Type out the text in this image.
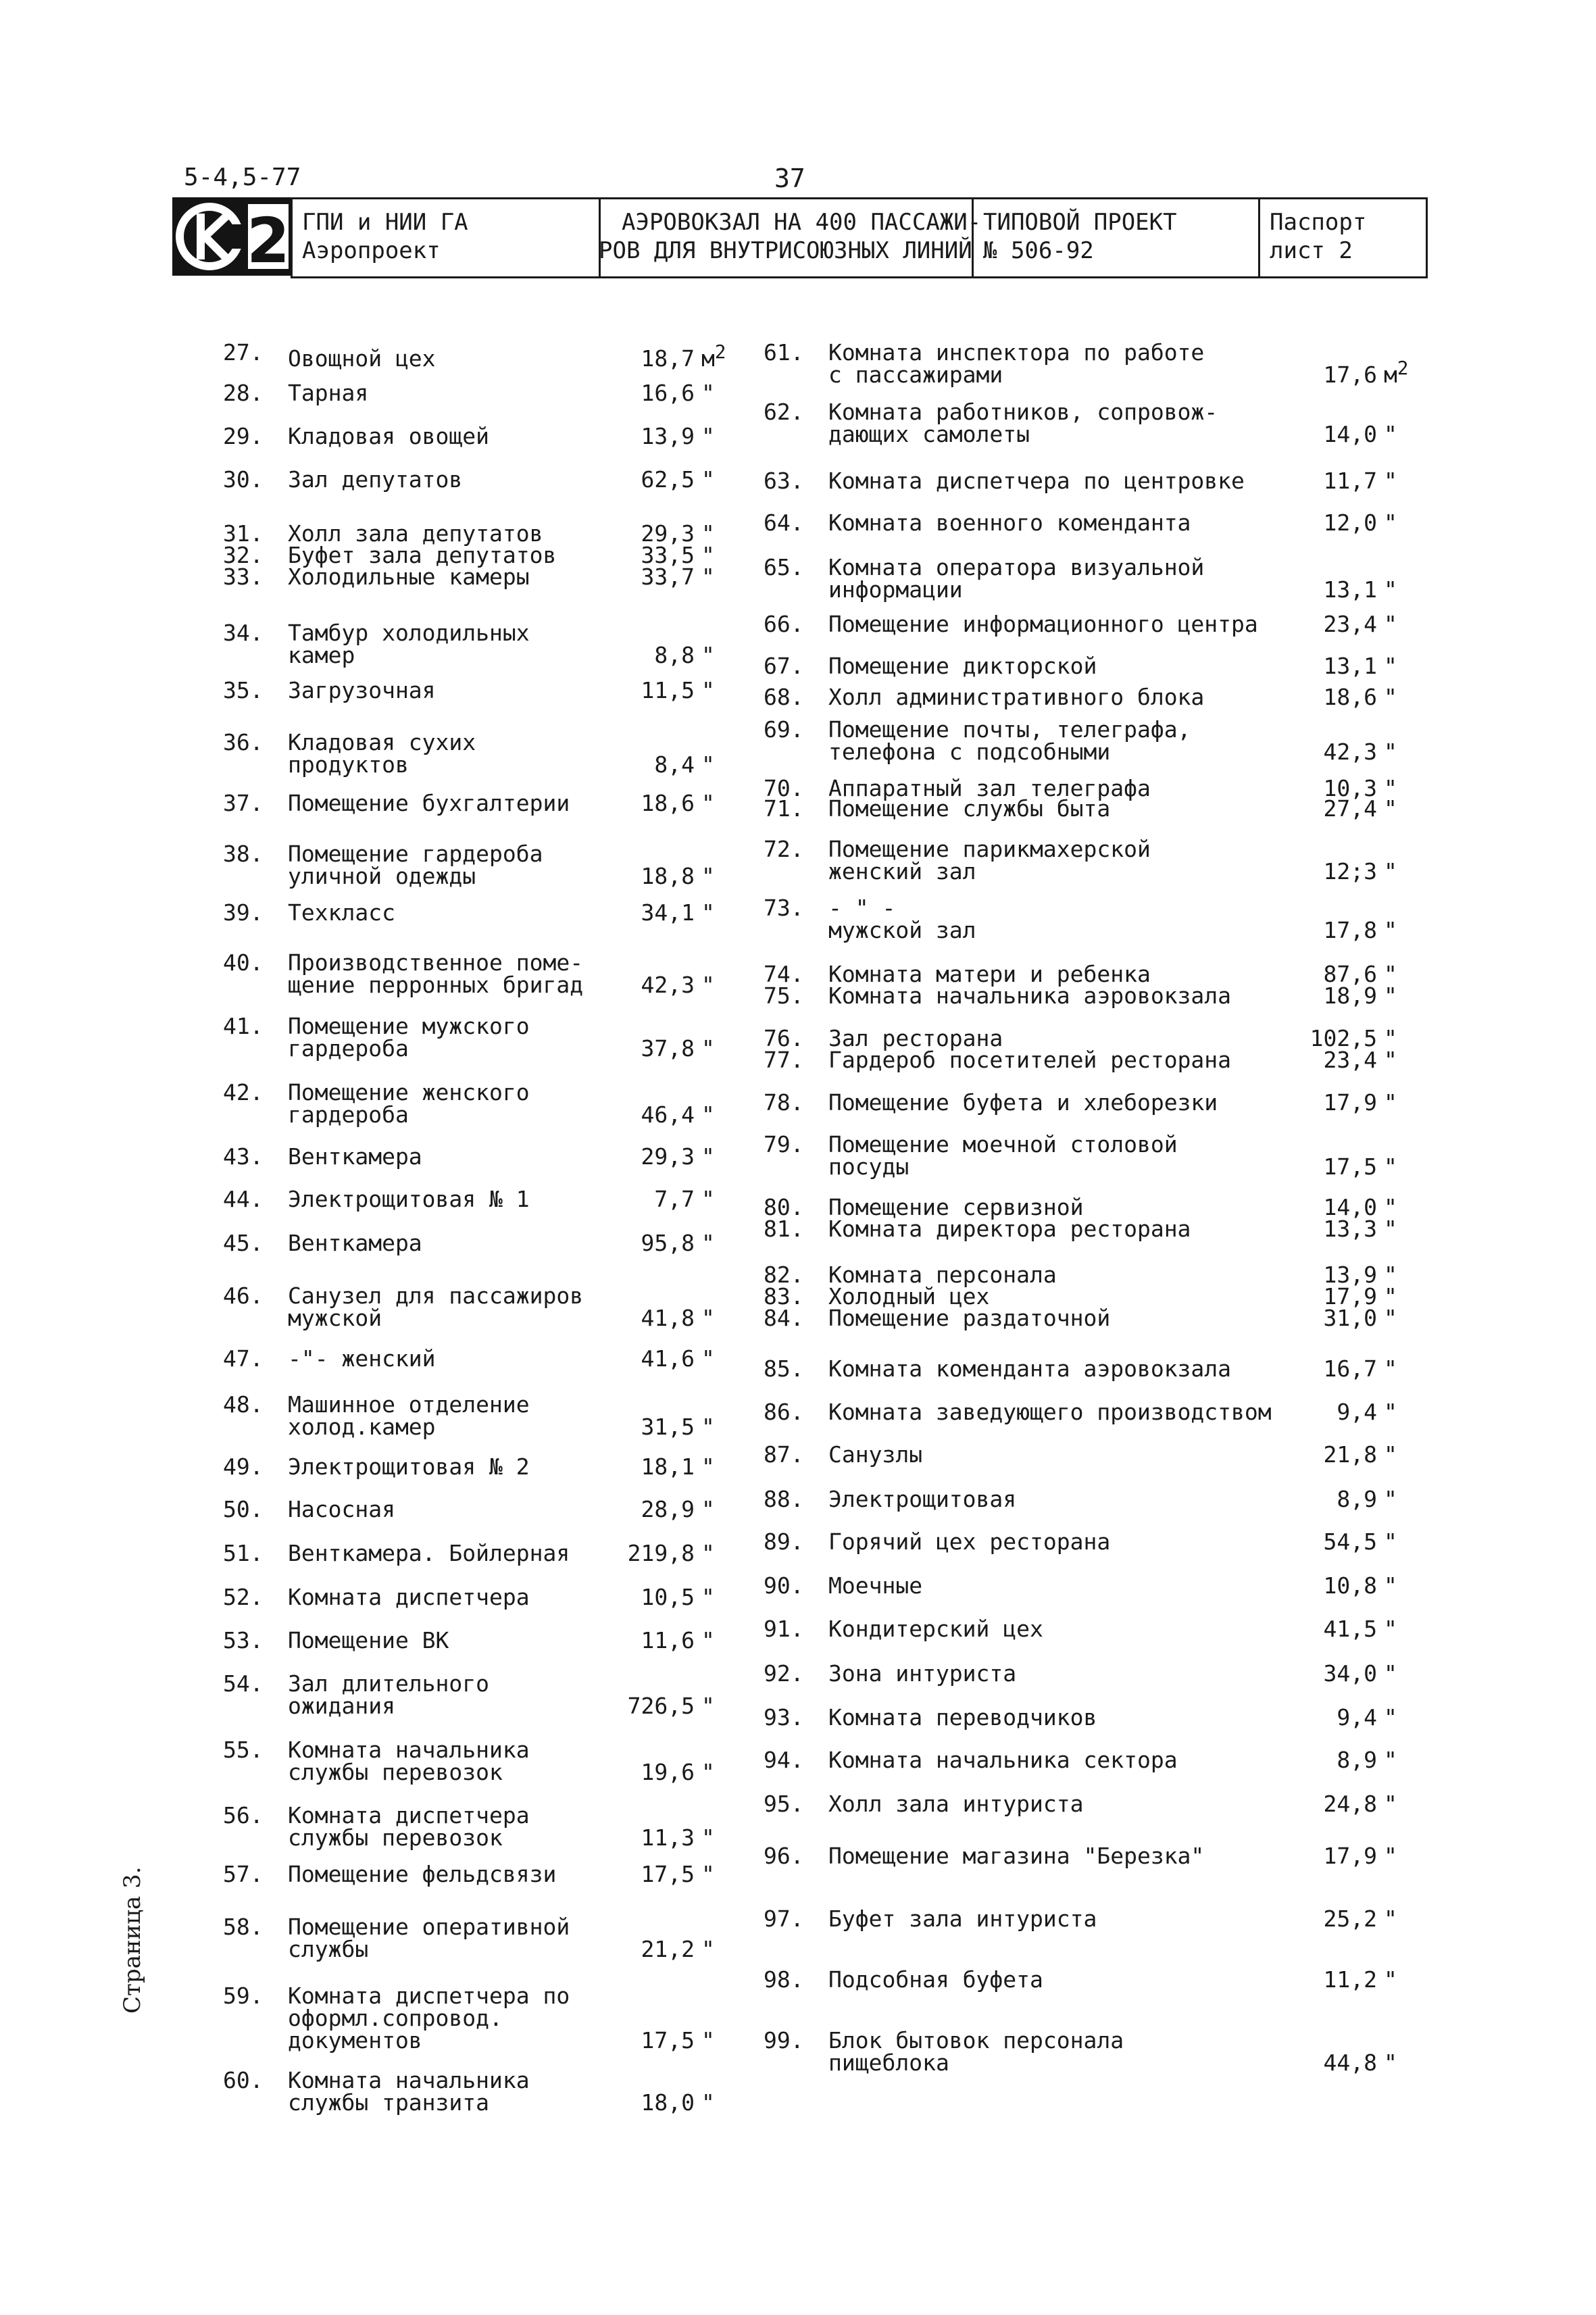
5-4,5-77	37
2 ГПИ и НИИ ГА
Аэропроект
АЭРОВОКЗАЛ НА 400 ПАССАЖИ-
РОВ ДЛЯ ВНУТРИСОЮЗНЫХ ЛИНИЙ
ТИПОВОЙ ПРОЕКТ
№ 506-92
Паспорт
лист 2
27.	Овощной цех	18,7 $м^2$
28.	Тарная	16,6 "
29.	Кладовая овощей	13,9 "
30.	Зал депутатов	62,5 "
31.	Холл зала депутатов	29,3 "
32.	Буфет зала депутатов	33,5 "
33.	Холодильные камеры	33,7 "
34.	Тамбур холодильных
камер	8,8 "
35.	Загрузочная	11,5 "
36.	Кладовая сухих
продуктов	8,4 "
37.	Помещение бухгалтерии	18,6 "
38.	Помещение гардероба
уличной одежды	18,8 "
39.	Техкласс	34,1 "
40.	Производственное поме-
щение перронных бригад	42,3 "
41.	Помещение мужского
гардероба	37,8 "
42.	Помещение женского
гардероба	46,4 "
43.	Венткамера	29,3 "
44.	Электрощитовая № 1	7,7 "
45.	Венткамера	95,8 "
46.	Санузел для пассажиров
мужской	41,8 "
47.	-"- женский	41,6 "
48.	Машинное отделение
холод.камер	31,5 "
49.	Электрощитовая № 2	18,1 "
50.	Насосная	28,9 "
51.	Венткамера. Бойлерная	219,8 "
52.	Комната диспетчера	10,5 "
53.	Помещение ВК	11,6 "
54.	Зал длительного
ожидания	726,5 "
55.	Комната начальника
службы перевозок	19,6 "
56.	Комната диспетчера
службы перевозок	11,3 "
57.	Помещение фельдсвязи	17,5 "
58.	Помещение оперативной
службы	21,2 "
59.	Комната диспетчера по
оформл.сопровод.
документов	17,5 "
60.	Комната начальника
службы транзита	18,0 "
61.	Комната инспектора по работе
с пассажирами	17,6 $м^2$
62.	Комната работников, сопровож-
дающих самолеты	14,0 "
63.	Комната диспетчера по центровке	11,7 "
64.	Комната военного коменданта	12,0 "
65.	Комната оператора визуальной
информации	13,1 "
66.	Помещение информационного центра	23,4 "
67.	Помещение дикторской	13,1 "
68.	Холл административного блока	18,6 "
69.	Помещение почты, телеграфа,
телефона с подсобными	42,3 "
70.	Аппаратный зал телеграфа	10,3 "
71.	Помещение службы быта	27,4 "
72.	Помещение парикмахерской
женский зал	12;3 "
73.	- " -
мужской зал	17,8 "
74.	Комната матери и ребенка	87,6 "
75.	Комната начальника аэровокзала	18,9 "
76.	Зал ресторана	102,5 "
77.	Гардероб посетителей ресторана	23,4 "
78.	Помещение буфета и хлеборезки	17,9 "
79.	Помещение моечной столовой
посуды	17,5 "
80.	Помещение сервизной	14,0 "
81.	Комната директора ресторана	13,3 "
82.	Комната персонала	13,9 "
83.	Холодный цех	17,9 "
84.	Помещение раздаточной	31,0 "
85.	Комната коменданта аэровокзала	16,7 "
86.	Комната заведующего производством	9,4 "
87.	Санузлы	21,8 "
88.	Электрощитовая	8,9 "
89.	Горячий цех ресторана	54,5 "
90.	Моечные	10,8 "
91.	Кондитерский цех	41,5 "
92.	Зона интуриста	34,0 "
93.	Комната переводчиков	9,4 "
94.	Комната начальника сектора	8,9 "
95.	Холл зала интуриста	24,8 "
96.	Помещение магазина "Березка"	17,9 "
97.	Буфет зала интуриста	25,2 "
98.	Подсобная буфета	11,2 "
99.	Блок бытовок персонала
пищеблока	44,8 "
Страница 3.
